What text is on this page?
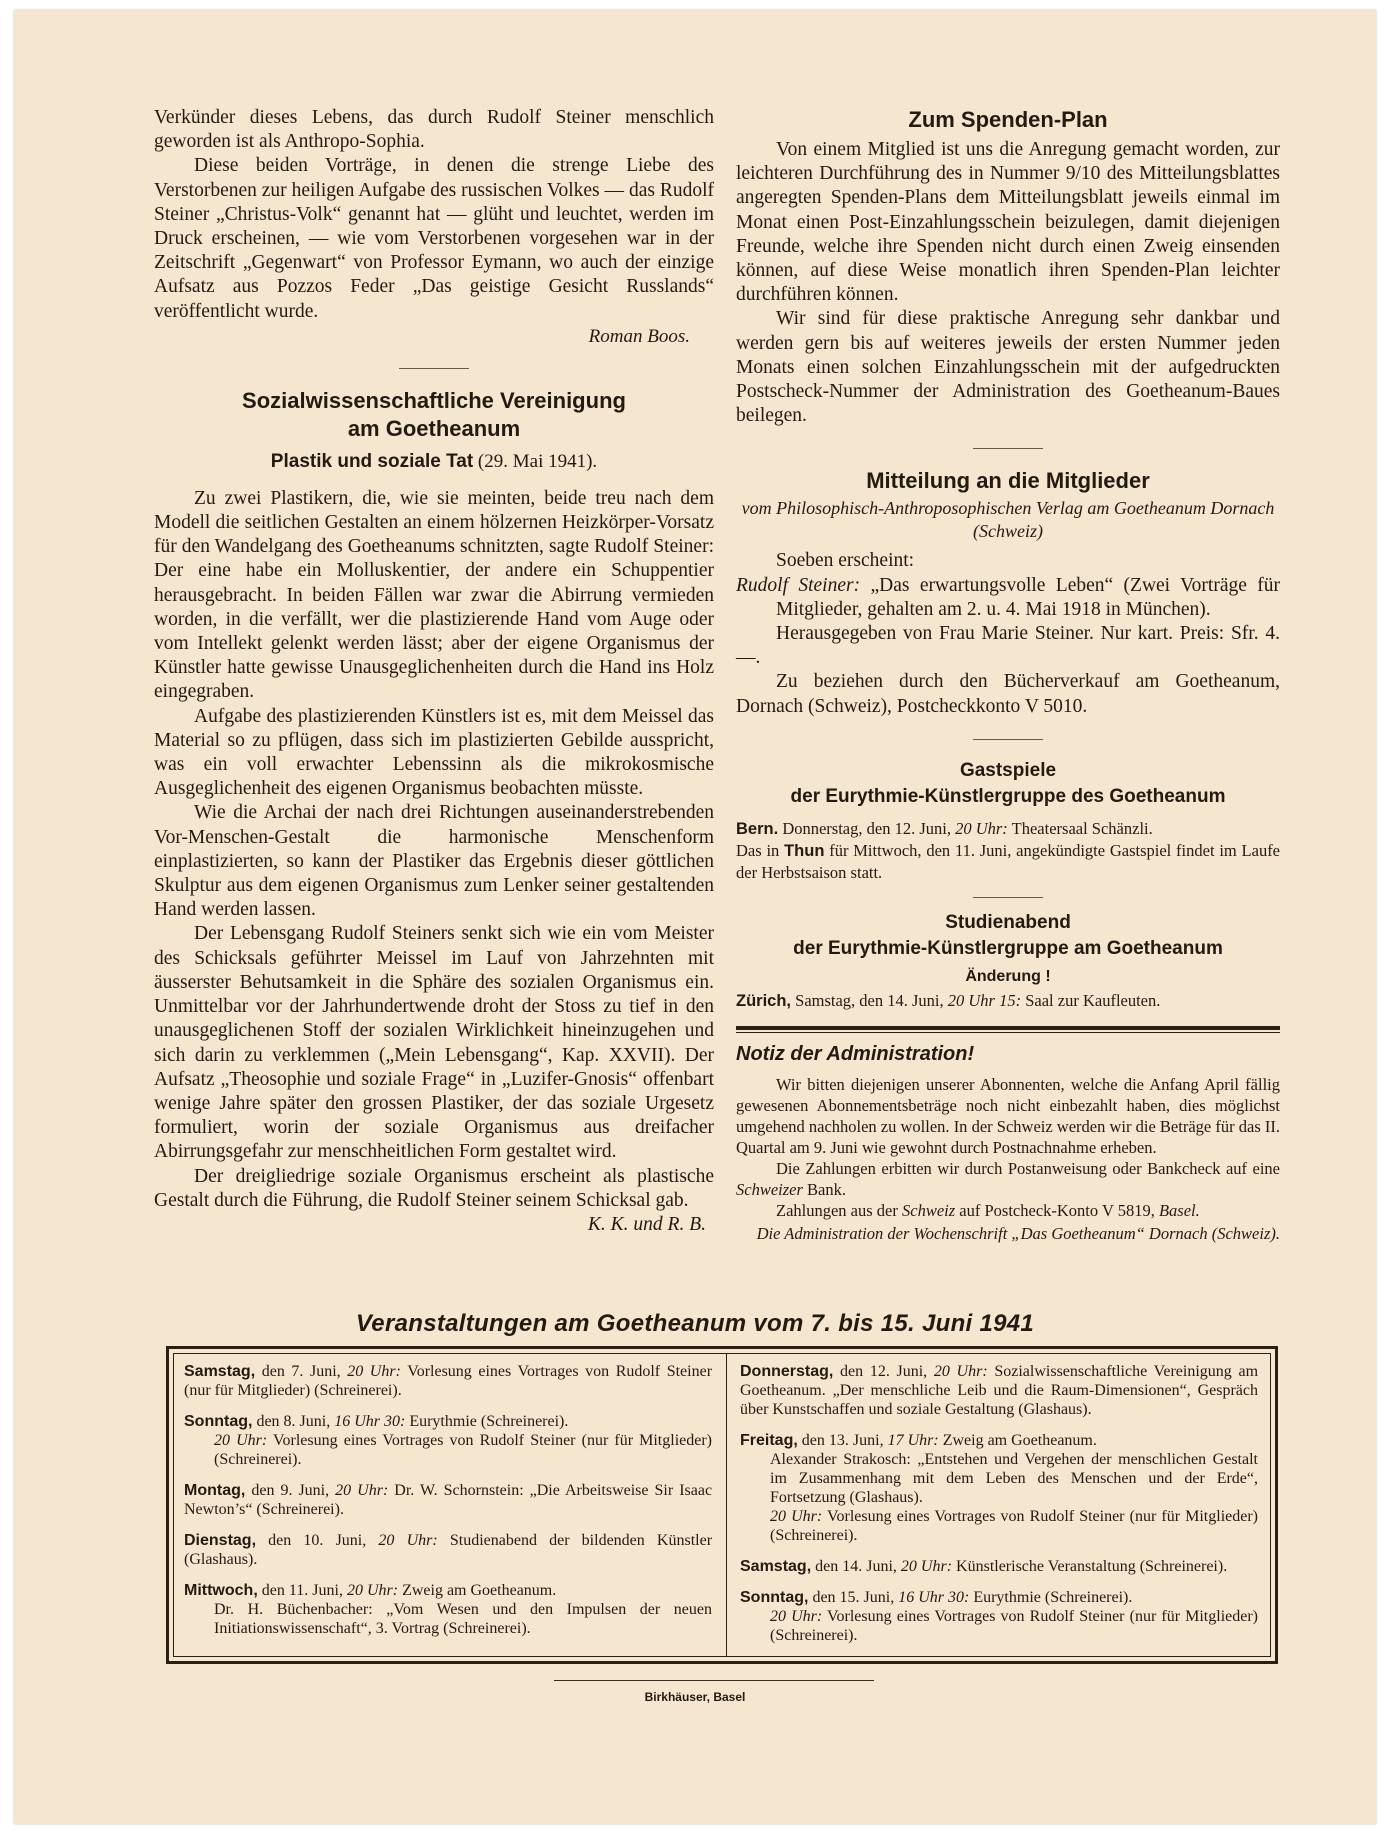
Verkünder dieses Lebens, das durch Rudolf Steiner menschlich geworden ist als Anthropo-Sophia.

Diese beiden Vorträge, in denen die strenge Liebe des Verstorbenen zur heiligen Aufgabe des russischen Volkes — das Rudolf Steiner „Christus-Volk“ genannt hat — glüht und leuchtet, werden im Druck erscheinen, — wie vom Verstorbenen vorgesehen war in der Zeitschrift „Gegenwart“ von Professor Eymann, wo auch der einzige Aufsatz aus Pozzos Feder „Das geistige Gesicht Russlands“ veröffentlicht wurde.

Roman Boos.
Sozialwissenschaftliche Vereinigung
am Goetheanum
Plastik und soziale Tat (29. Mai 1941).

Zu zwei Plastikern, die, wie sie meinten, beide treu nach dem Modell die seitlichen Gestalten an einem hölzernen Heizkörper-Vorsatz für den Wandelgang des Goetheanums schnitzten, sagte Rudolf Steiner: Der eine habe ein Molluskentier, der andere ein Schuppentier herausgebracht. In beiden Fällen war zwar die Abirrung vermieden worden, in die verfällt, wer die plastizierende Hand vom Auge oder vom Intellekt gelenkt werden lässt; aber der eigene Organismus der Künstler hatte gewisse Unausgeglichenheiten durch die Hand ins Holz eingegraben.

Aufgabe des plastizierenden Künstlers ist es, mit dem Meissel das Material so zu pflügen, dass sich im plastizierten Gebilde ausspricht, was ein voll erwachter Lebenssinn als die mikrokosmische Ausgeglichenheit des eigenen Organismus beobachten müsste.

Wie die Archai der nach drei Richtungen auseinanderstrebenden Vor-Menschen-Gestalt die harmonische Menschenform einplastizierten, so kann der Plastiker das Ergebnis dieser göttlichen Skulptur aus dem eigenen Organismus zum Lenker seiner gestaltenden Hand werden lassen.

Der Lebensgang Rudolf Steiners senkt sich wie ein vom Meister des Schicksals geführter Meissel im Lauf von Jahrzehnten mit äusserster Behutsamkeit in die Sphäre des sozialen Organismus ein. Unmittelbar vor der Jahrhundertwende droht der Stoss zu tief in den unausgeglichenen Stoff der sozialen Wirklichkeit hineinzugehen und sich darin zu verklemmen („Mein Lebensgang“, Kap. XXVII). Der Aufsatz „Theosophie und soziale Frage“ in „Luzifer-Gnosis“ offenbart wenige Jahre später den grossen Plastiker, der das soziale Urgesetz formuliert, worin der soziale Organismus aus dreifacher Abirrungsgefahr zur menschheitlichen Form gestaltet wird.

Der dreigliedrige soziale Organismus erscheint als plastische Gestalt durch die Führung, die Rudolf Steiner seinem Schicksal gab.
K. K. und R. B.

Zum Spenden-Plan

Von einem Mitglied ist uns die Anregung gemacht worden, zur leichteren Durchführung des in Nummer 9/10 des Mitteilungsblattes angeregten Spenden-Plans dem Mitteilungsblatt jeweils einmal im Monat einen Post-Einzahlungsschein beizulegen, damit diejenigen Freunde, welche ihre Spenden nicht durch einen Zweig einsenden können, auf diese Weise monatlich ihren Spenden-Plan leichter durchführen können.

Wir sind für diese praktische Anregung sehr dankbar und werden gern bis auf weiteres jeweils der ersten Nummer jeden Monats einen solchen Einzahlungsschein mit der aufgedruckten Postscheck-Nummer der Administration des Goetheanum-Baues beilegen.

Mitteilung an die Mitglieder
vom Philosophisch-Anthroposophischen Verlag am Goetheanum Dornach (Schweiz)

Soeben erscheint:

Rudolf Steiner: „Das erwartungsvolle Leben“ (Zwei Vorträge für Mitglieder, gehalten am 2. u. 4. Mai 1918 in München).

Herausgegeben von Frau Marie Steiner. Nur kart. Preis: Sfr. 4.—.

Zu beziehen durch den Bücherverkauf am Goetheanum, Dornach (Schweiz), Postcheckkonto V 5010.

Gastspiele
der Eurythmie-Künstlergruppe des Goetheanum

Bern. Donnerstag, den 12. Juni, 20 Uhr: Theatersaal Schänzli.

Das in Thun für Mittwoch, den 11. Juni, angekündigte Gastspiel findet im Laufe der Herbstsaison statt.

Studienabend
der Eurythmie-Künstlergruppe am Goetheanum
Änderung !

Zürich, Samstag, den 14. Juni, 20 Uhr 15: Saal zur Kaufleuten.

Notiz der Administration!

Wir bitten diejenigen unserer Abonnenten, welche die Anfang April fällig gewesenen Abonnementsbeträge noch nicht einbezahlt haben, dies möglichst umgehend nachholen zu wollen. In der Schweiz werden wir die Beträge für das II. Quartal am 9. Juni wie gewohnt durch Postnachnahme erheben.

Die Zahlungen erbitten wir durch Postanweisung oder Bankcheck auf eine Schweizer Bank.

Zahlungen aus der Schweiz auf Postcheck-Konto V 5819, Basel.

Die Administration der Wochenschrift „Das Goetheanum“ Dornach (Schweiz).

Veranstaltungen am Goetheanum vom 7. bis 15. Juni 1941
Samstag, den 7. Juni, 20 Uhr: Vorlesung eines Vortrages von Rudolf Steiner (nur für Mitglieder) (Schreinerei).
Sonntag, den 8. Juni, 16 Uhr 30: Eurythmie (Schreinerei).
20 Uhr: Vorlesung eines Vortrages von Rudolf Steiner (nur für Mitglieder) (Schreinerei).
Montag, den 9. Juni, 20 Uhr: Dr. W. Schornstein: „Die Arbeitsweise Sir Isaac Newton’s“ (Schreinerei).
Dienstag, den 10. Juni, 20 Uhr: Studienabend der bildenden Künstler (Glashaus).
Mittwoch, den 11. Juni, 20 Uhr: Zweig am Goetheanum.
Dr. H. Büchenbacher: „Vom Wesen und den Impulsen der neuen Initiationswissenschaft“, 3. Vortrag (Schreinerei).
Donnerstag, den 12. Juni, 20 Uhr: Sozialwissenschaftliche Vereinigung am Goetheanum. „Der menschliche Leib und die Raum-Dimensionen“, Gespräch über Kunstschaffen und soziale Gestaltung (Glashaus).
Freitag, den 13. Juni, 17 Uhr: Zweig am Goetheanum.
Alexander Strakosch: „Entstehen und Vergehen der menschlichen Gestalt im Zusammenhang mit dem Leben des Menschen und der Erde“, Fortsetzung (Glashaus).
20 Uhr: Vorlesung eines Vortrages von Rudolf Steiner (nur für Mitglieder) (Schreinerei).
Samstag, den 14. Juni, 20 Uhr: Künstlerische Veranstaltung (Schreinerei).
Sonntag, den 15. Juni, 16 Uhr 30: Eurythmie (Schreinerei).
20 Uhr: Vorlesung eines Vortrages von Rudolf Steiner (nur für Mitglieder) (Schreinerei).
Birkhäuser, Basel
